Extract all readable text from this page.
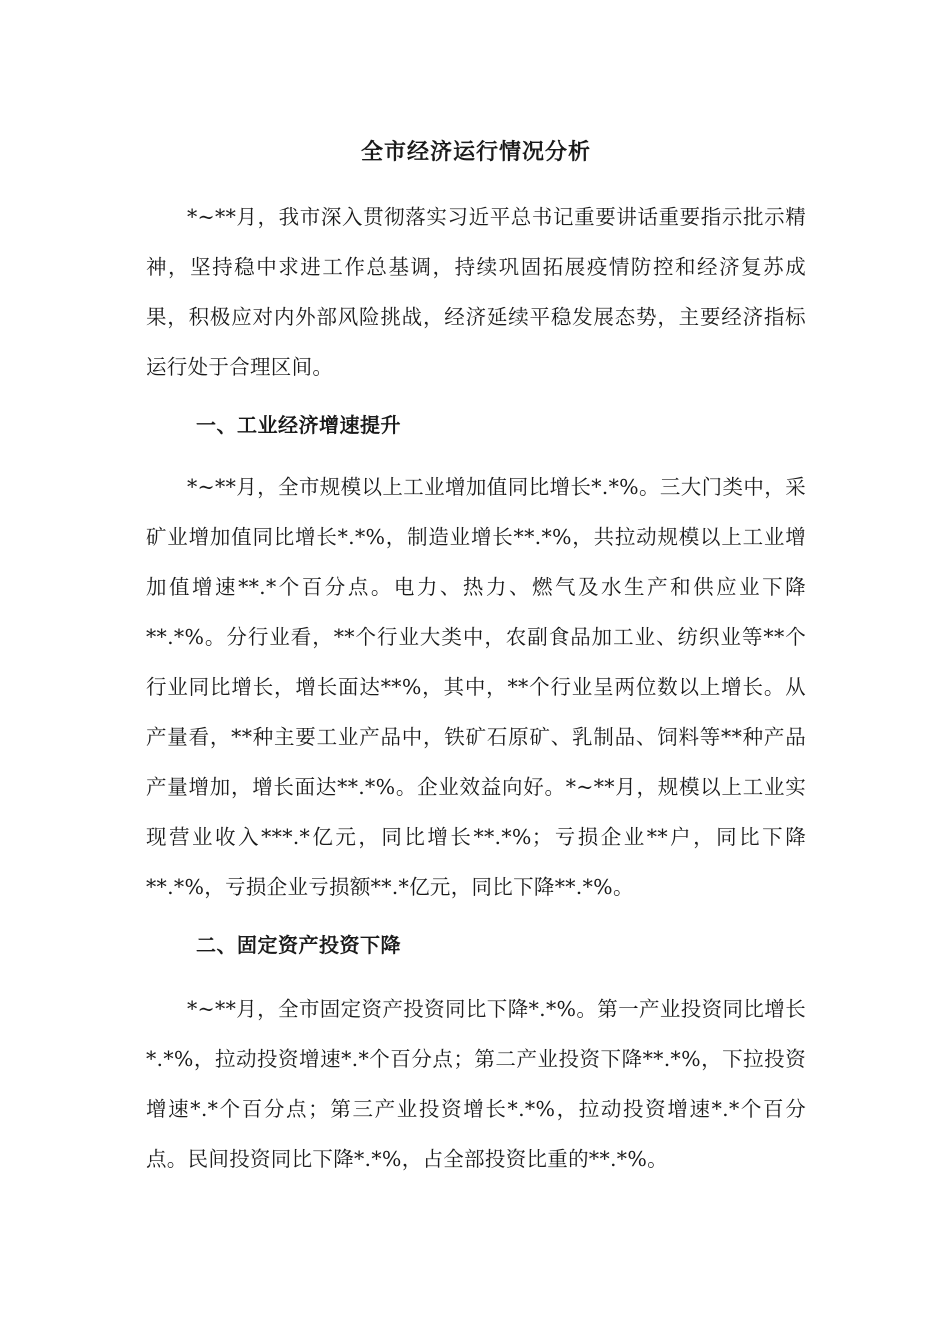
全市经济运行情况分析

*~**月，我市深入贯彻落实习近平总书记重要讲话重要指示批示精神，坚持稳中求进工作总基调，持续巩固拓展疫情防控和经济复苏成果，积极应对内外部风险挑战，经济延续平稳发展态势，主要经济指标运行处于合理区间。

一、工业经济增速提升

*~**月，全市规模以上工业增加值同比增长*.*%。三大门类中，采矿业增加值同比增长*.*%，制造业增长**.*%，共拉动规模以上工业增加值增速**.*个百分点。电力、热力、燃气及水生产和供应业下降**.*%。分行业看，**个行业大类中，农副食品加工业、纺织业等**个行业同比增长，增长面达**%，其中，**个行业呈两位数以上增长。从产量看，**种主要工业产品中，铁矿石原矿、乳制品、饲料等**种产品产量增加，增长面达**.*%。企业效益向好。*~**月，规模以上工业实现营业收入***.*亿元，同比增长**.*%；亏损企业**户，同比下降**.*%，亏损企业亏损额**.*亿元，同比下降**.*%。

二、固定资产投资下降

*~**月，全市固定资产投资同比下降*.*%。第一产业投资同比增长*.*%，拉动投资增速*.*个百分点；第二产业投资下降**.*%，下拉投资增速*.*个百分点；第三产业投资增长*.*%，拉动投资增速*.*个百分点。民间投资同比下降*.*%，占全部投资比重的**.*%。
